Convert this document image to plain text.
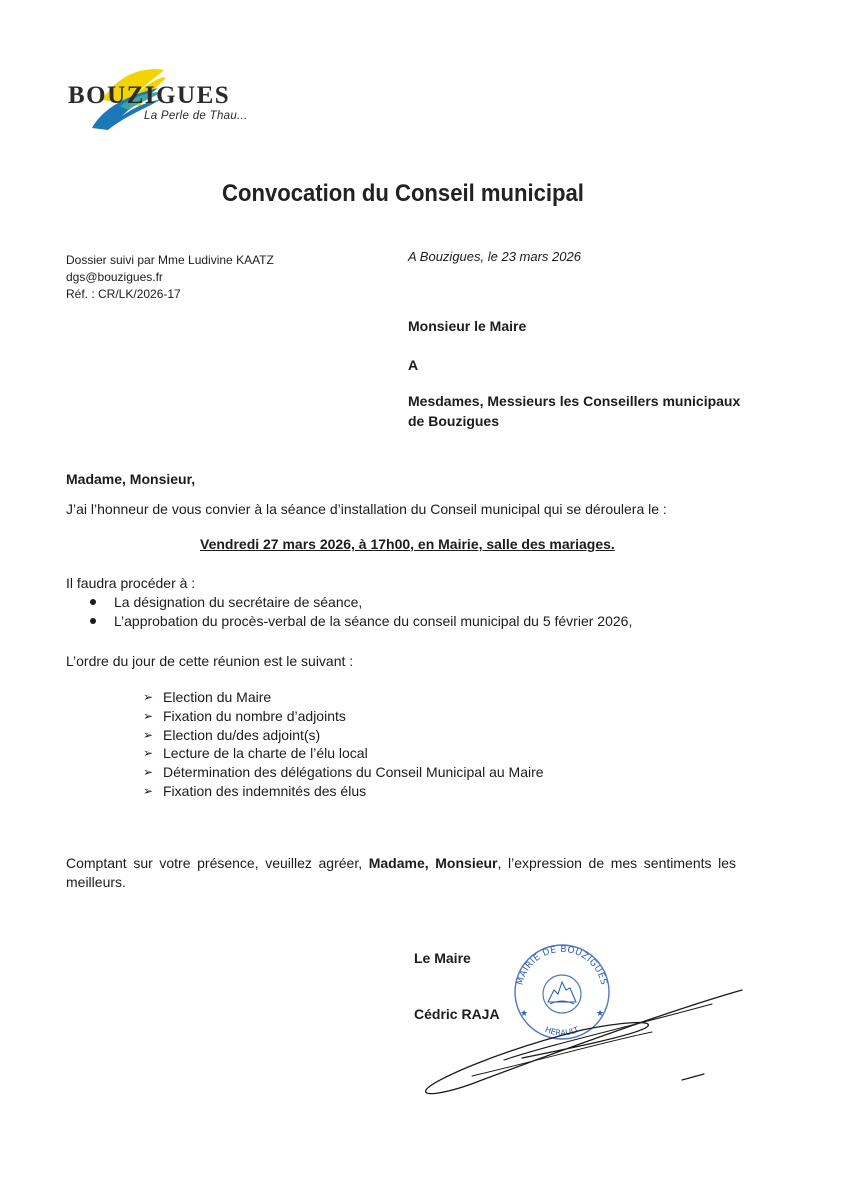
BOUZIGUES
La Perle de Thau...
Convocation du Conseil municipal
Dossier suivi par Mme Ludivine KAATZ
dgs@bouzigues.fr
Réf. : CR/LK/2026-17
A Bouzigues, le 23 mars 2026
Monsieur le Maire
A
Mesdames, Messieurs les Conseillers municipaux
de Bouzigues
Madame, Monsieur,
J’ai l’honneur de vous convier à la séance d’installation du Conseil municipal qui se déroulera le :
Vendredi 27 mars 2026, à 17h00, en Mairie, salle des mariages.
Il faudra procéder à :
La désignation du secrétaire de séance,
L’approbation du procès-verbal de la séance du conseil municipal du 5 février 2026,
L’ordre du jour de cette réunion est le suivant :
➢ Election du Maire
➢ Fixation du nombre d’adjoints
➢ Election du/des adjoint(s)
➢ Lecture de la charte de l’élu local
➢ Détermination des délégations du Conseil Municipal au Maire
➢ Fixation des indemnités des élus
Comptant sur votre présence, veuillez agréer, Madame, Monsieur, l’expression de mes sentiments les meilleurs.
Le Maire
Cédric RAJA
MAIRIE DE BOUZIGUES
HERAULT
★	★
